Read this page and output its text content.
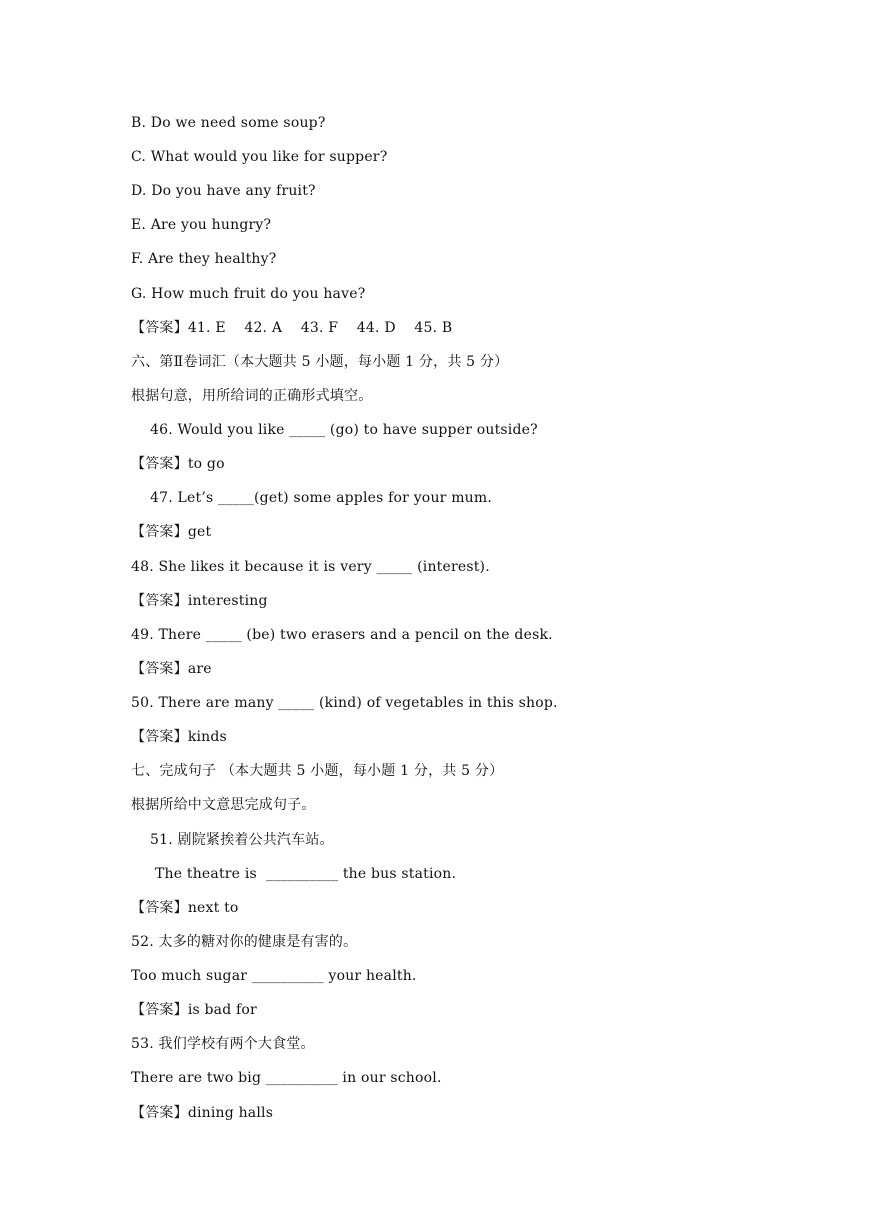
B. Do we need some soup?
C. What would you like for supper?
D. Do you have any fruit?
E. Are you hungry?
F. Are they healthy?
G. How much fruit do you have?
【答案】41. E    42. A    43. F    44. D    45. B
六、第Ⅱ卷词汇（本大题共 5 小题，每小题 1 分，共 5 分）
根据句意，用所给词的正确形式填空。
46. Would you like _____ (go) to have supper outside?
【答案】to go
47. Let’s _____(get) some apples for your mum.
【答案】get
48. She likes it because it is very _____ (interest).
【答案】interesting
49. There _____ (be) two erasers and a pencil on the desk.
【答案】are
50. There are many _____ (kind) of vegetables in this shop.
【答案】kinds
七、完成句子 （本大题共 5 小题，每小题 1 分，共 5 分）
根据所给中文意思完成句子。
51. 剧院紧挨着公共汽车站。
The theatre is  __________ the bus station.
【答案】next to
52. 太多的糖对你的健康是有害的。
Too much sugar __________ your health.
【答案】is bad for
53. 我们学校有两个大食堂。
There are two big __________ in our school.
【答案】dining halls
